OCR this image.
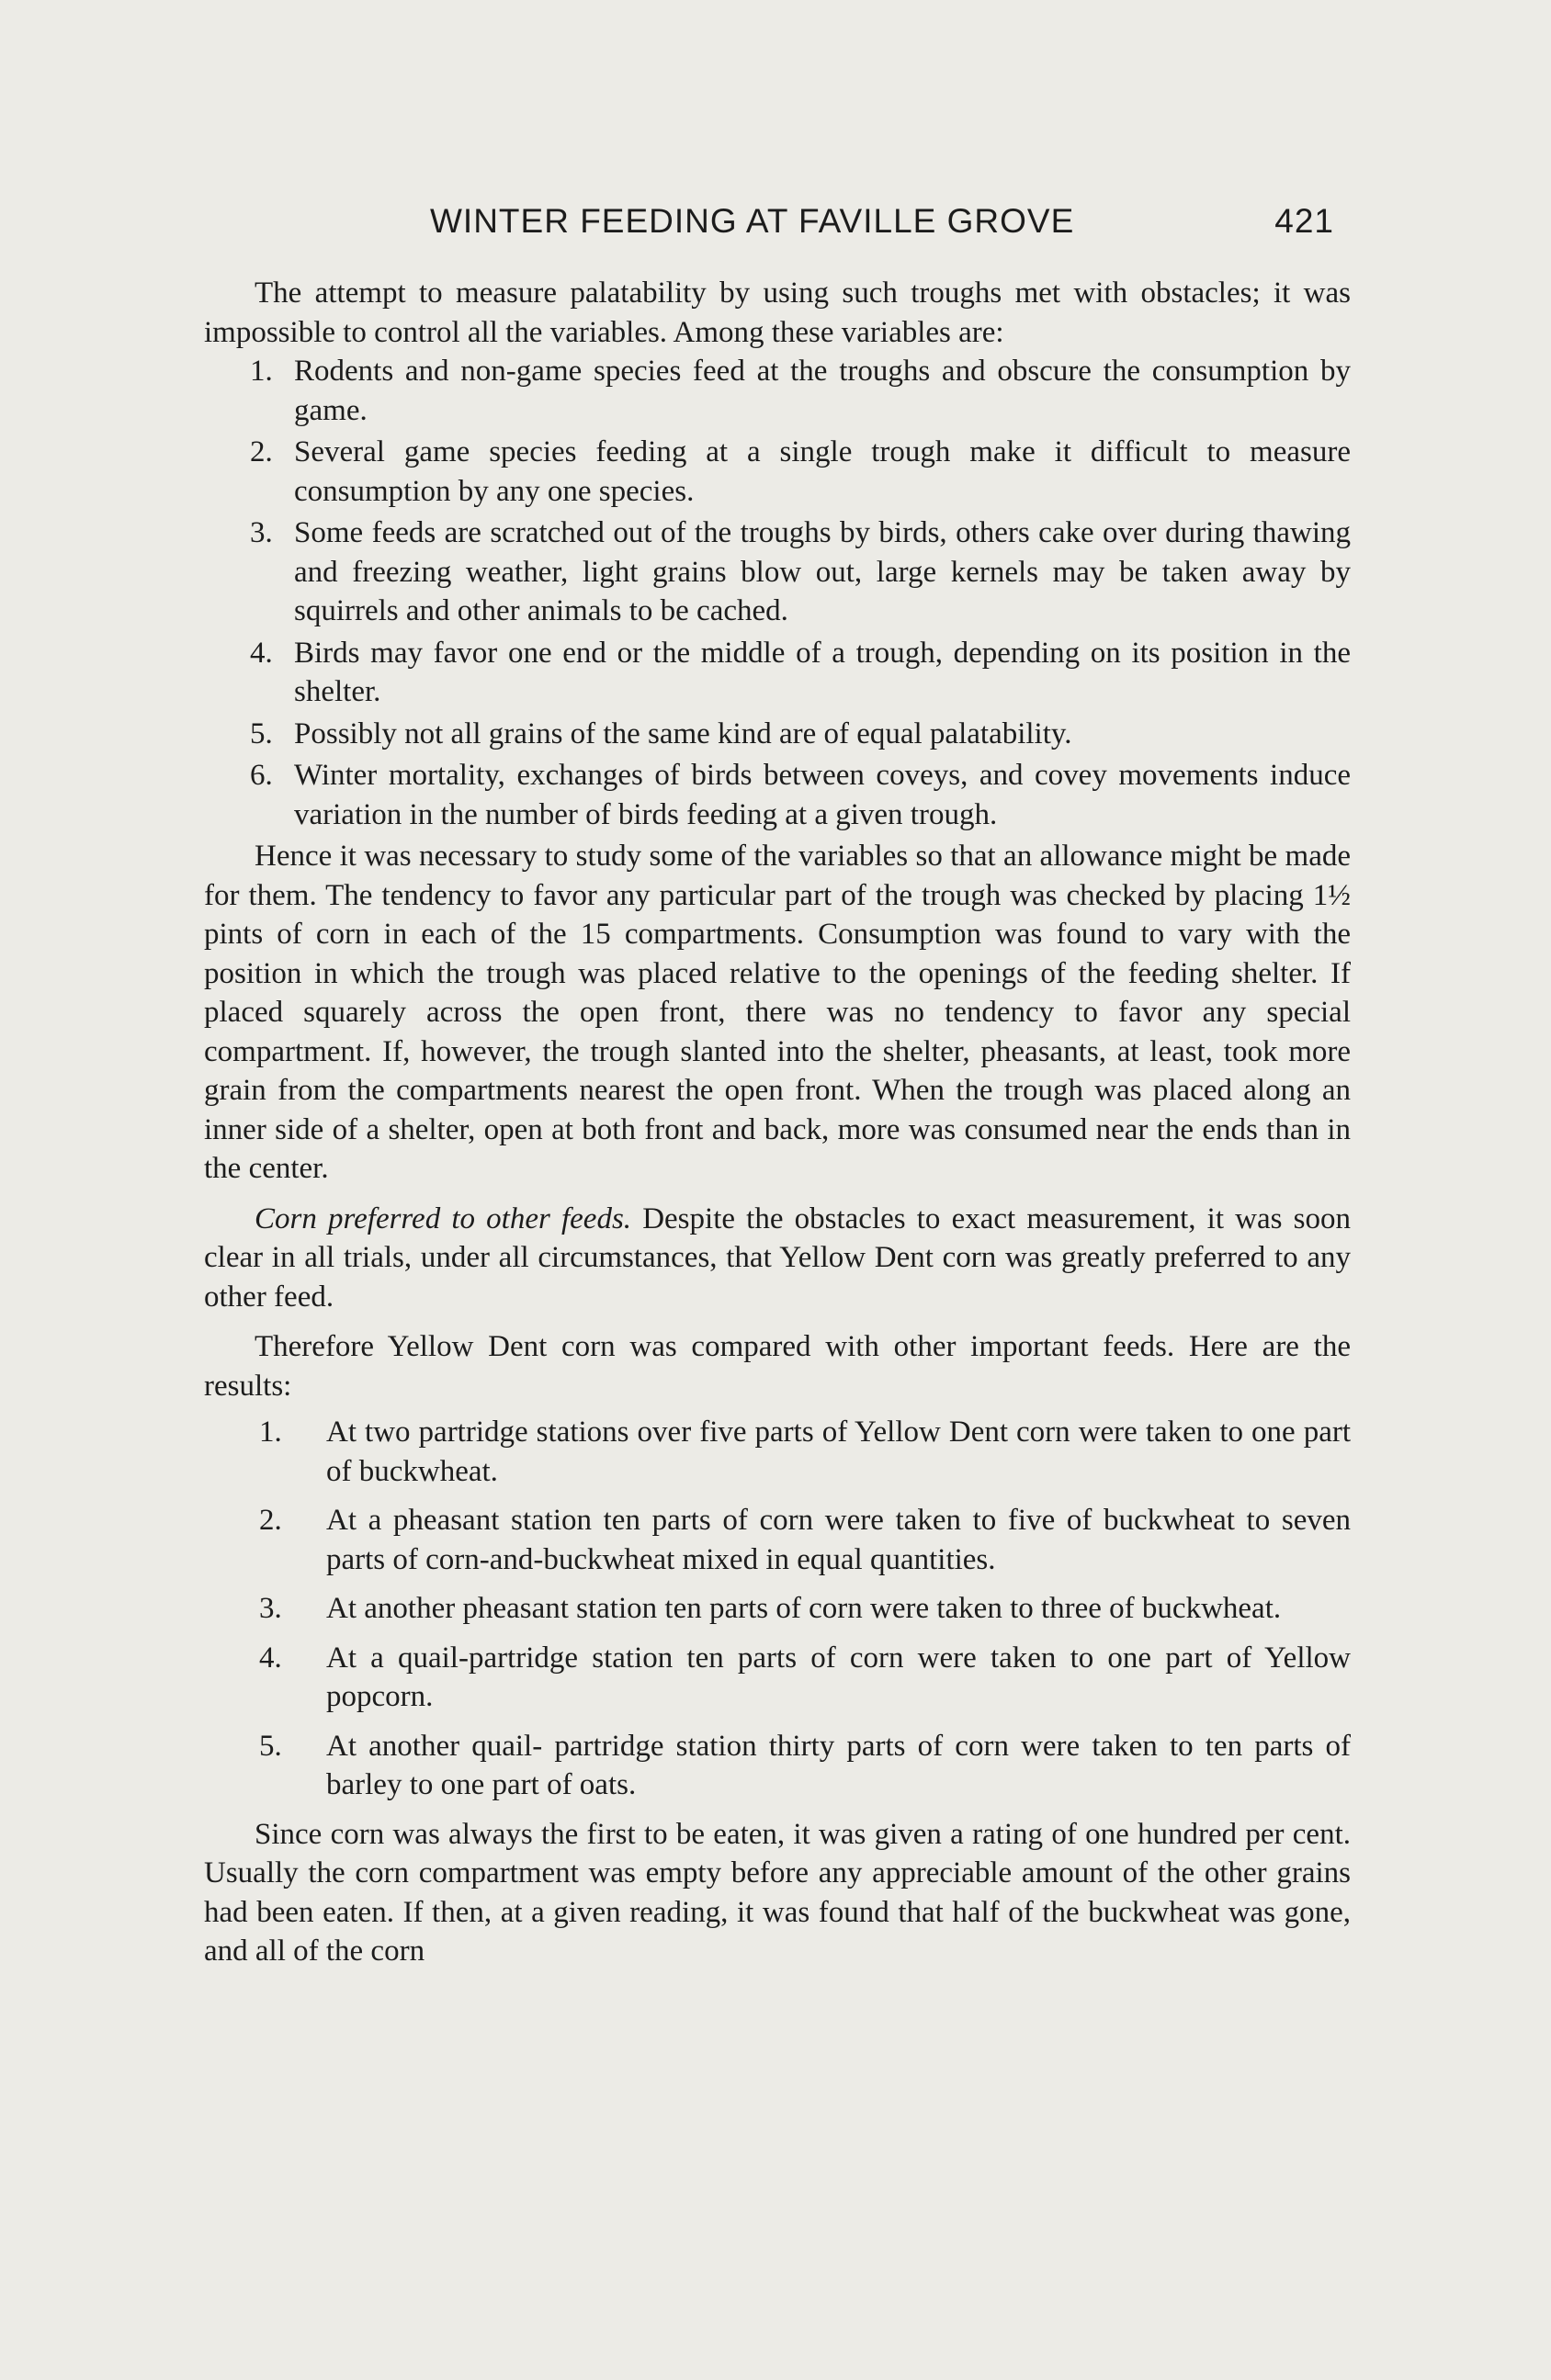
WINTER FEEDING AT FAVILLE GROVE	421

The attempt to measure palatability by using such troughs met with obstacles; it was impossible to control all the variables. Among these variables are:

1. Rodents and non-game species feed at the troughs and obscure the consumption by game.
2. Several game species feeding at a single trough make it difficult to measure consumption by any one species.
3. Some feeds are scratched out of the troughs by birds, others cake over during thawing and freezing weather, light grains blow out, large kernels may be taken away by squirrels and other animals to be cached.
4. Birds may favor one end or the middle of a trough, depending on its position in the shelter.
5. Possibly not all grains of the same kind are of equal palatability.
6. Winter mortality, exchanges of birds between coveys, and covey movements induce variation in the number of birds feeding at a given trough.

Hence it was necessary to study some of the variables so that an allowance might be made for them. The tendency to favor any particular part of the trough was checked by placing 1½ pints of corn in each of the 15 compartments. Consumption was found to vary with the position in which the trough was placed relative to the openings of the feeding shelter. If placed squarely across the open front, there was no tendency to favor any special compartment. If, however, the trough slanted into the shelter, pheasants, at least, took more grain from the compartments nearest the open front. When the trough was placed along an inner side of a shelter, open at both front and back, more was consumed near the ends than in the center.

Corn preferred to other feeds. Despite the obstacles to exact measurement, it was soon clear in all trials, under all circumstances, that Yellow Dent corn was greatly preferred to any other feed.

Therefore Yellow Dent corn was compared with other important feeds. Here are the results:

1. At two partridge stations over five parts of Yellow Dent corn were taken to one part of buckwheat.
2. At a pheasant station ten parts of corn were taken to five of buckwheat to seven parts of corn-and-buckwheat mixed in equal quantities.
3. At another pheasant station ten parts of corn were taken to three of buckwheat.
4. At a quail-partridge station ten parts of corn were taken to one part of Yellow popcorn.
5. At another quail- partridge station thirty parts of corn were taken to ten parts of barley to one part of oats.

Since corn was always the first to be eaten, it was given a rating of one hundred per cent. Usually the corn compartment was empty before any appreciable amount of the other grains had been eaten. If then, at a given reading, it was found that half of the buckwheat was gone, and all of the corn
